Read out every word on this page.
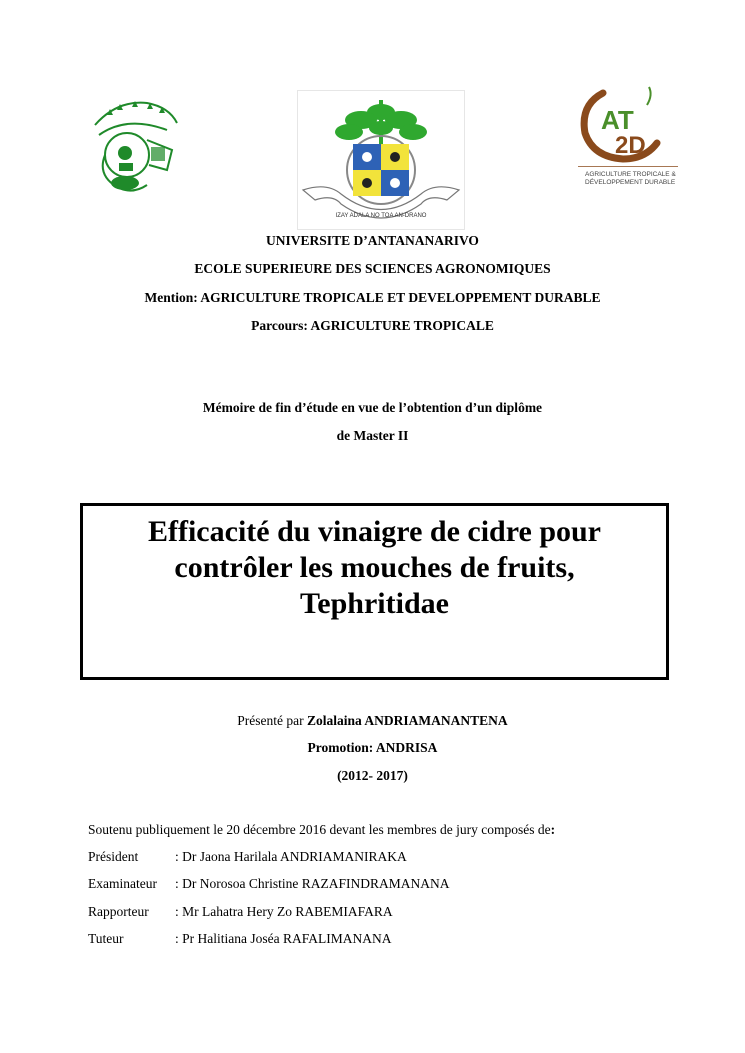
IZAY ADALA NO TOA AN-DRANO
AT
2D
AGRICULTURE TROPICALE &
DÉVELOPPEMENT DURABLE
UNIVERSITE D’ANTANANARIVO
ECOLE SUPERIEURE DES SCIENCES AGRONOMIQUES
Mention: AGRICULTURE TROPICALE ET DEVELOPPEMENT DURABLE
Parcours: AGRICULTURE TROPICALE
Mémoire de fin d’étude en vue de l’obtention d’un diplôme
de Master II
Efficacité du vinaigre de cidre pour
contrôler les mouches de fruits,
Tephritidae
Présenté par Zolalaina ANDRIAMANANTENA
Promotion: ANDRISA
(2012- 2017)
Soutenu publiquement le 20 décembre 2016 devant les membres de jury composés de:
Président	: Dr Jaona Harilala ANDRIAMANIRAKA
Examinateur : Dr Norosoa Christine RAZAFINDRAMANANA
Rapporteur : Mr Lahatra Hery Zo RABEMIAFARA
Tuteur	: Pr Halitiana Joséa RAFALIMANANA
